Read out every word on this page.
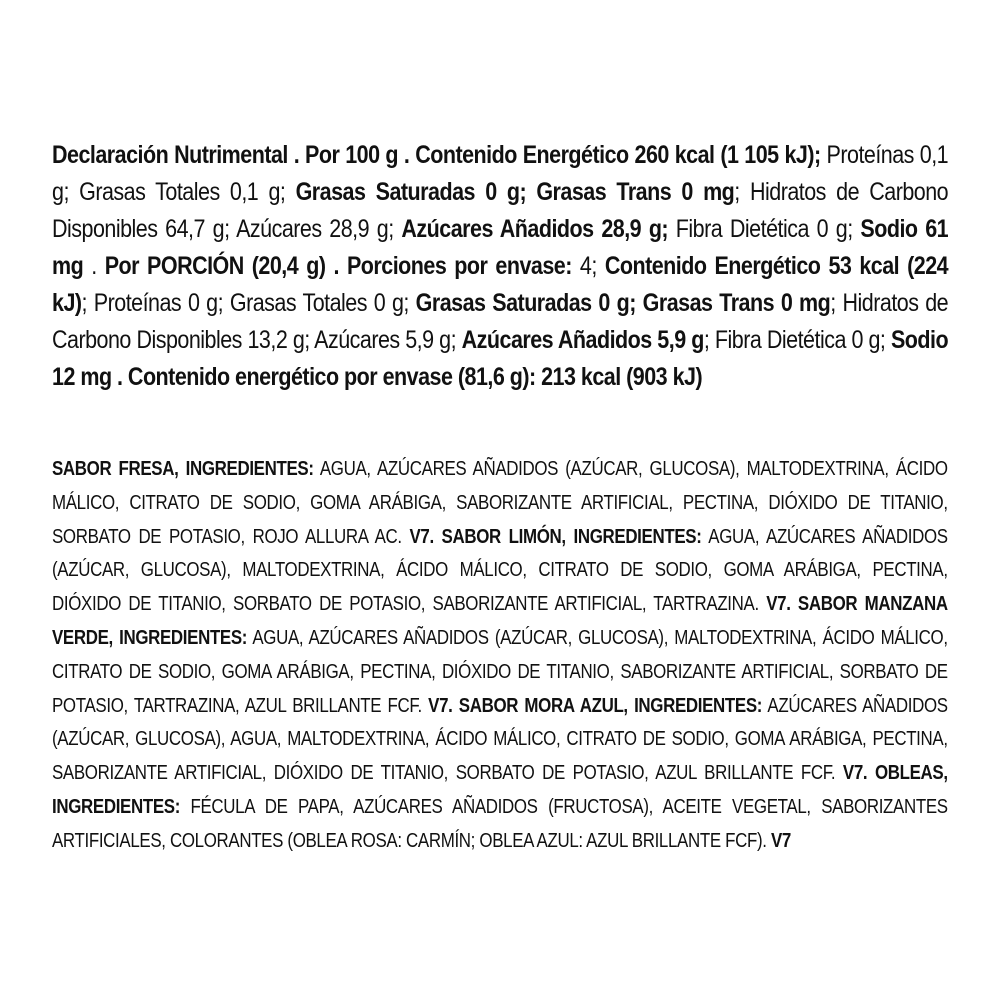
Declaración Nutrimental . Por 100 g . Contenido Energético 260 kcal (1 105 kJ); Proteínas 0,1 g; Grasas Totales 0,1 g; Grasas Saturadas 0 g; Grasas Trans 0 mg; Hidratos de Carbono Disponibles 64,7 g; Azúcares 28,9 g; Azúcares Añadidos 28,9 g; Fibra Dietética 0 g; Sodio 61 mg . Por PORCIÓN (20,4 g) . Porciones por envase: 4; Contenido Energético 53 kcal (224 kJ); Proteínas 0 g; Grasas Totales 0 g; Grasas Saturadas 0 g; Grasas Trans 0 mg; Hidratos de Carbono Disponibles 13,2 g; Azúcares 5,9 g; Azúcares Añadidos 5,9 g; Fibra Dietética 0 g; Sodio 12 mg . Contenido energético por envase (81,6 g): 213 kcal (903 kJ)

SABOR FRESA, INGREDIENTES: AGUA, AZÚCARES AÑADIDOS (AZÚCAR, GLUCOSA), MALTODEXTRINA, ÁCIDO MÁLICO, CITRATO DE SODIO, GOMA ARÁBIGA, SABORIZANTE ARTIFICIAL, PECTINA, DIÓXIDO DE TITANIO, SORBATO DE POTASIO, ROJO ALLURA AC. V7. SABOR LIMÓN, INGREDIENTES: AGUA, AZÚCARES AÑADIDOS (AZÚCAR, GLUCOSA), MALTODEXTRINA, ÁCIDO MÁLICO, CITRATO DE SODIO, GOMA ARÁBIGA, PECTINA, DIÓXIDO DE TITANIO, SORBATO DE POTASIO, SABORIZANTE ARTIFICIAL, TARTRAZINA. V7. SABOR MANZANA VERDE, INGREDIENTES: AGUA, AZÚCARES AÑADIDOS (AZÚCAR, GLUCOSA), MALTODEXTRINA, ÁCIDO MÁLICO, CITRATO DE SODIO, GOMA ARÁBIGA, PECTINA, DIÓXIDO DE TITANIO, SABORIZANTE ARTIFICIAL, SORBATO DE POTASIO, TARTRAZINA, AZUL BRILLANTE FCF. V7. SABOR MORA AZUL, INGREDIENTES: AZÚCARES AÑADIDOS (AZÚCAR, GLUCOSA), AGUA, MALTODEXTRINA, ÁCIDO MÁLICO, CITRATO DE SODIO, GOMA ARÁBIGA, PECTINA, SABORIZANTE ARTIFICIAL, DIÓXIDO DE TITANIO, SORBATO DE POTASIO, AZUL BRILLANTE FCF. V7. OBLEAS, INGREDIENTES: FÉCULA DE PAPA, AZÚCARES AÑADIDOS (FRUCTOSA), ACEITE VEGETAL, SABORIZANTES ARTIFICIALES, COLORANTES (OBLEA ROSA: CARMÍN; OBLEA AZUL: AZUL BRILLANTE FCF). V7
